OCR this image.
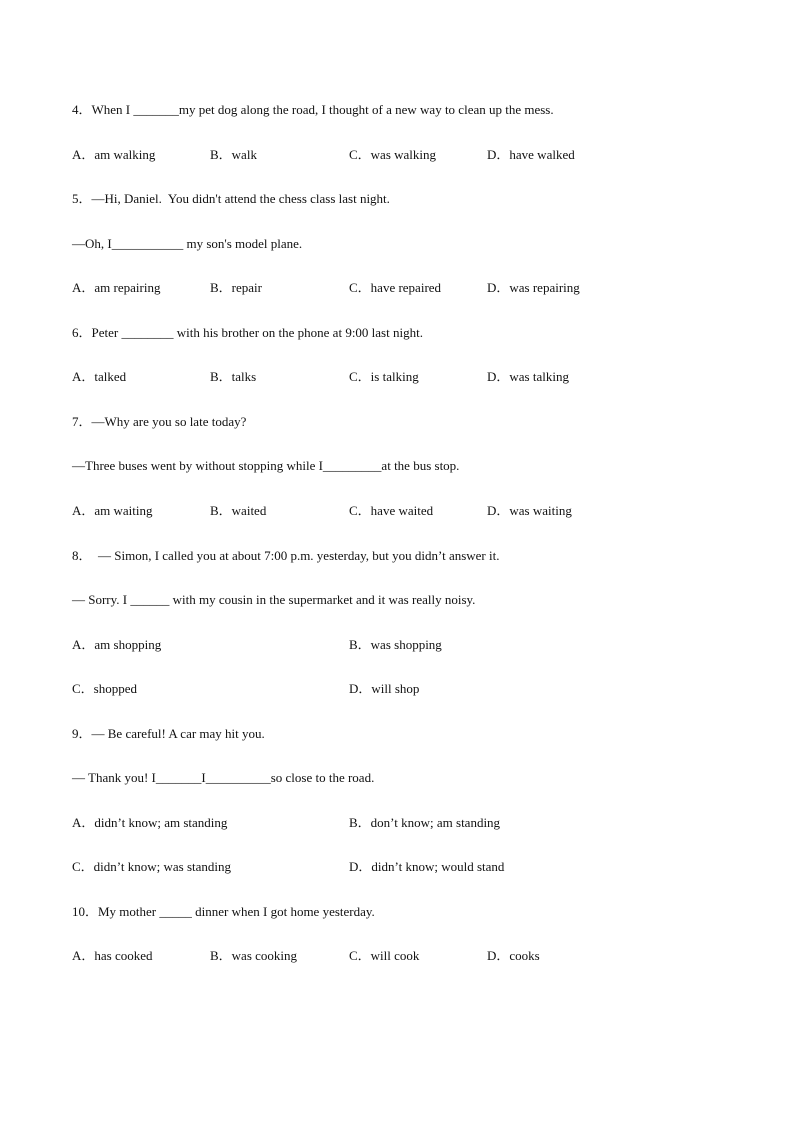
4．When I _______my pet dog along the road, I thought of a new way to clean up the mess.
A．am walking	B．walk	C．was walking	D．have walked
5．—Hi, Daniel.  You didn't attend the chess class last night.
—Oh, I___________ my son's model plane.
A．am repairing	B．repair	C．have repaired	D．was repairing
6．Peter ________ with his brother on the phone at 9:00 last night.
A．talked	B．talks	C．is talking	D．was talking
7．—Why are you so late today?
—Three buses went by without stopping while I_________at the bus stop.
A．am waiting	B．waited	C．have waited	D．was waiting
8．  — Simon, I called you at about 7:00 p.m. yesterday, but you didn’t answer it.
— Sorry. I ______ with my cousin in the supermarket and it was really noisy.
A．am shopping	B．was shopping
C．shopped	D．will shop
9．— Be careful! A car may hit you.
— Thank you! I_______I__________so close to the road.
A．didn’t know; am standing	B．don’t know; am standing
C．didn’t know; was standing	D．didn’t know; would stand
10．My mother _____ dinner when I got home yesterday.
A．has cooked	B．was cooking	C．will cook	D．cooks
